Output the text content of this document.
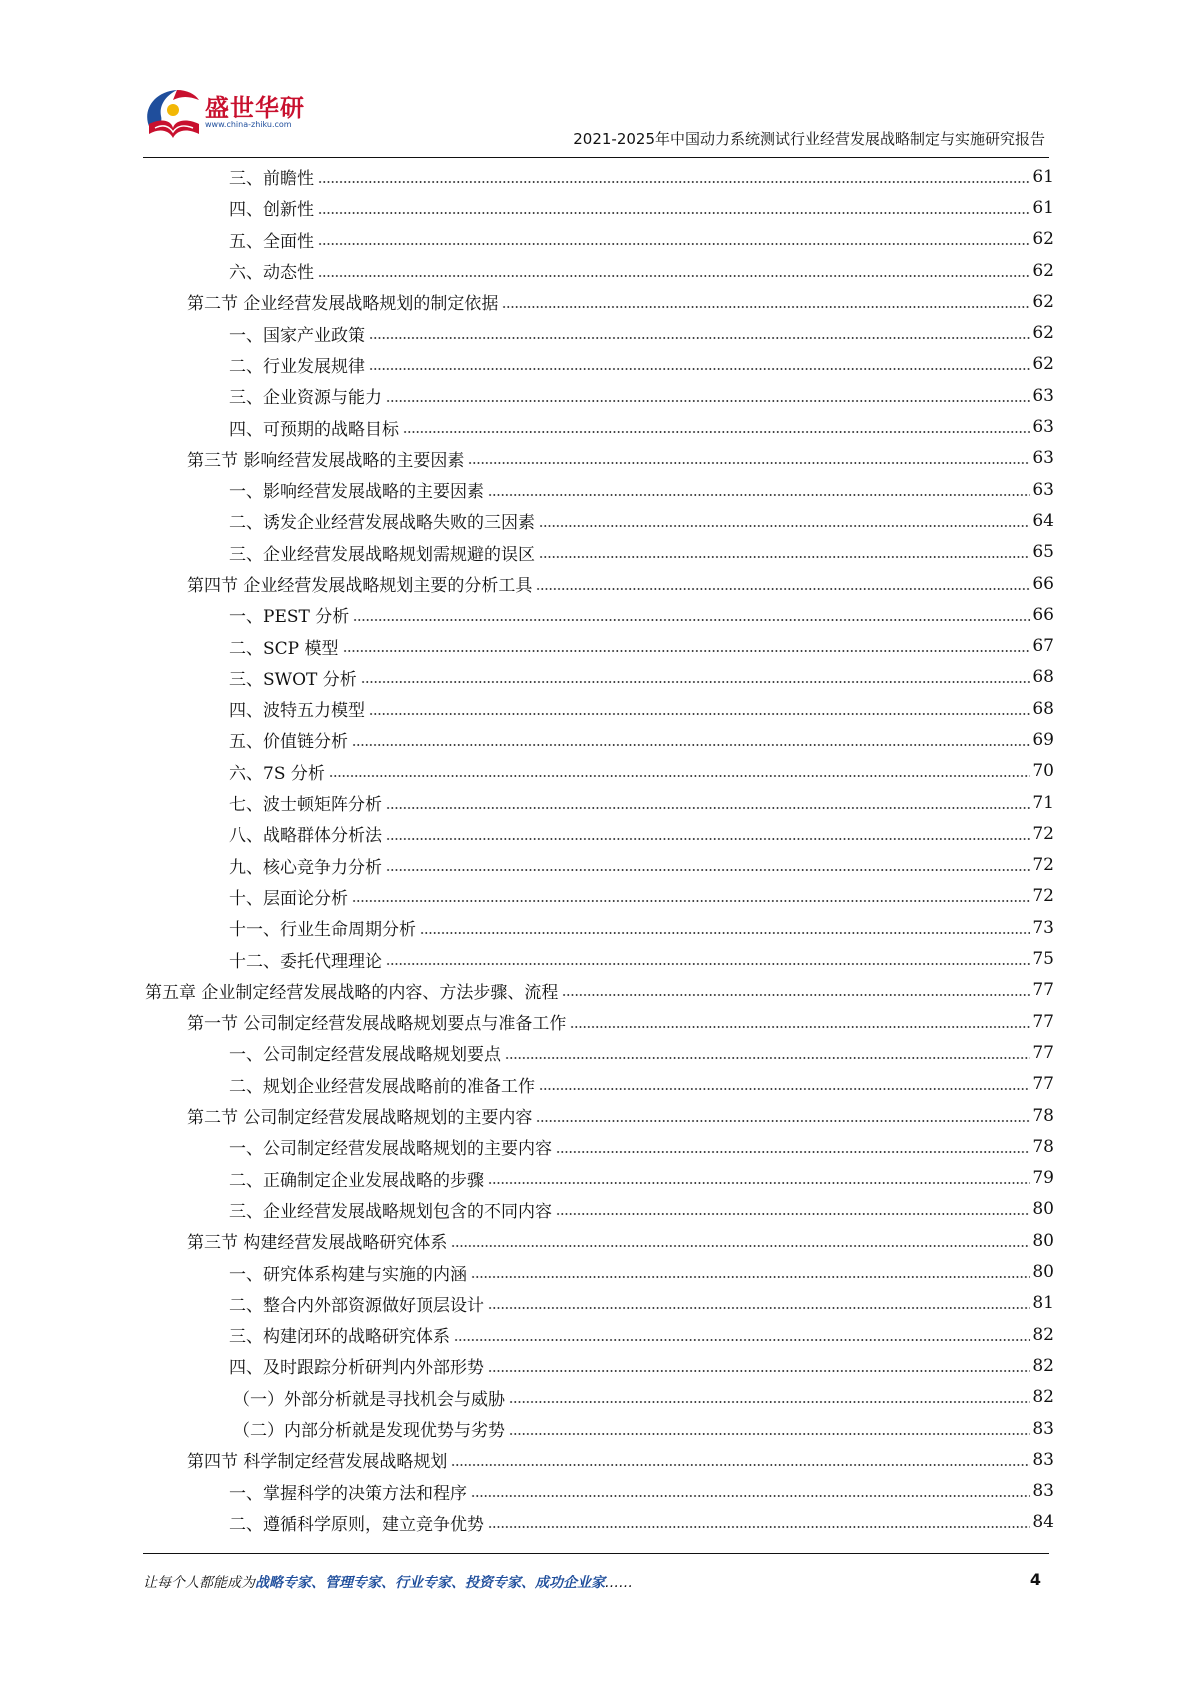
盛世华研
www.china-zhiku.com
2021-2025年中国动力系统测试行业经营发展战略制定与实施研究报告
三、前瞻性	61
四、创新性	61
五、全面性	62
六、动态性	62
第二节 企业经营发展战略规划的制定依据	62
一、国家产业政策	62
二、行业发展规律	62
三、企业资源与能力	63
四、可预期的战略目标	63
第三节 影响经营发展战略的主要因素	63
一、影响经营发展战略的主要因素	63
二、诱发企业经营发展战略失败的三因素	64
三、企业经营发展战略规划需规避的误区	65
第四节 企业经营发展战略规划主要的分析工具	66
一、PEST 分析	66
二、SCP 模型	67
三、SWOT 分析	68
四、波特五力模型	68
五、价值链分析	69
六、7S 分析	70
七、波士顿矩阵分析	71
八、战略群体分析法	72
九、核心竞争力分析	72
十、层面论分析	72
十一、行业生命周期分析	73
十二、委托代理理论	75
第五章 企业制定经营发展战略的内容、方法步骤、流程	77
第一节 公司制定经营发展战略规划要点与准备工作	77
一、公司制定经营发展战略规划要点	77
二、规划企业经营发展战略前的准备工作	77
第二节 公司制定经营发展战略规划的主要内容	78
一、公司制定经营发展战略规划的主要内容	78
二、正确制定企业发展战略的步骤	79
三、企业经营发展战略规划包含的不同内容	80
第三节 构建经营发展战略研究体系	80
一、研究体系构建与实施的内涵	80
二、整合内外部资源做好顶层设计	81
三、构建闭环的战略研究体系	82
四、及时跟踪分析研判内外部形势	82
（一）外部分析就是寻找机会与威胁	82
（二）内部分析就是发现优势与劣势	83
第四节 科学制定经营发展战略规划	83
一、掌握科学的决策方法和程序	83
二、遵循科学原则，建立竞争优势	84
让每个人都能成为战略专家、管理专家、行业专家、投资专家、成功企业家……	4
